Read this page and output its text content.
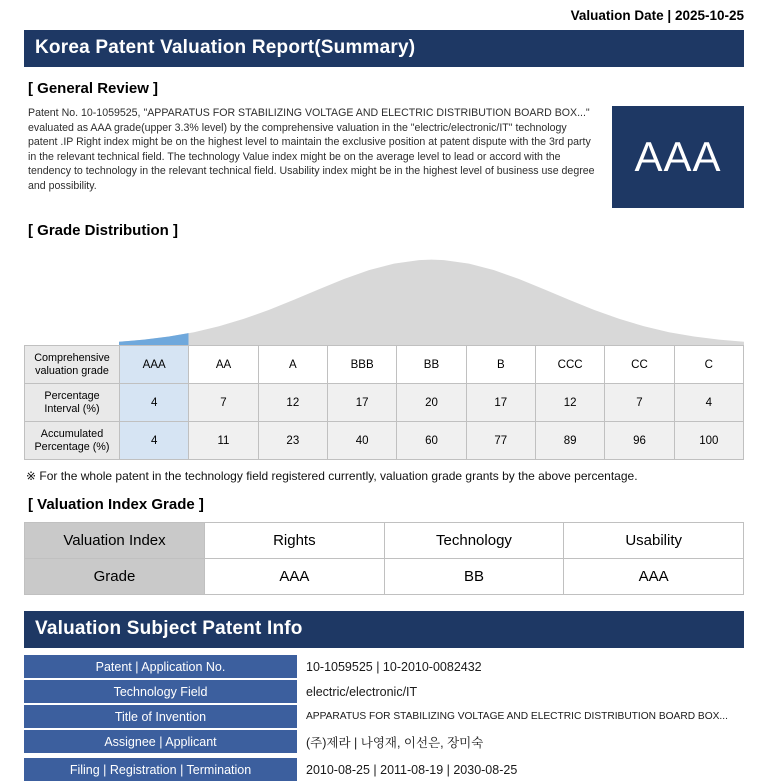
Valuation Date | 2025-10-25
Korea Patent Valuation Report(Summary)
[ General Review ]
Patent No. 10-1059525, "APPARATUS FOR STABILIZING VOLTAGE AND ELECTRIC DISTRIBUTION BOARD BOX..." evaluated as AAA grade(upper 3.3% level) by the comprehensive valuation in the "electric/electronic/IT" technology patent .IP Right index might be on the highest level to maintain the exclusive position at patent dispute with the 3rd party in the relevant technical field. The technology Value index might be on the average level to lead or accord with the tendency to technology in the relevant technical field. Usability index might be in the highest level of business use degree and possibility.
AAA
[ Grade Distribution ]
Comprehensive valuation grade	AAA	AA	A	BBB	BB	B	CCC	CC	C
Percentage Interval (%)	4	7	12	17	20	17	12	7	4
Accumulated Percentage (%)	4	11	23	40	60	77	89	96	100
※ For the whole patent in the technology field registered currently, valuation grade grants by the above percentage.
[ Valuation Index Grade ]
Valuation Index	Rights	Technology	Usability
Grade	AAA	BB	AAA
Valuation Subject Patent Info
Patent | Application No.	10-1059525 | 10-2010-0082432
Technology Field	electric/electronic/IT
Title of Invention	APPARATUS FOR STABILIZING VOLTAGE AND ELECTRIC DISTRIBUTION BOARD BOX...
Assignee | Applicant	(주)제라 | 나영재, 이선은, 장미숙
Filing | Registration | Termination	2010-08-25 | 2011-08-19 | 2030-08-25
